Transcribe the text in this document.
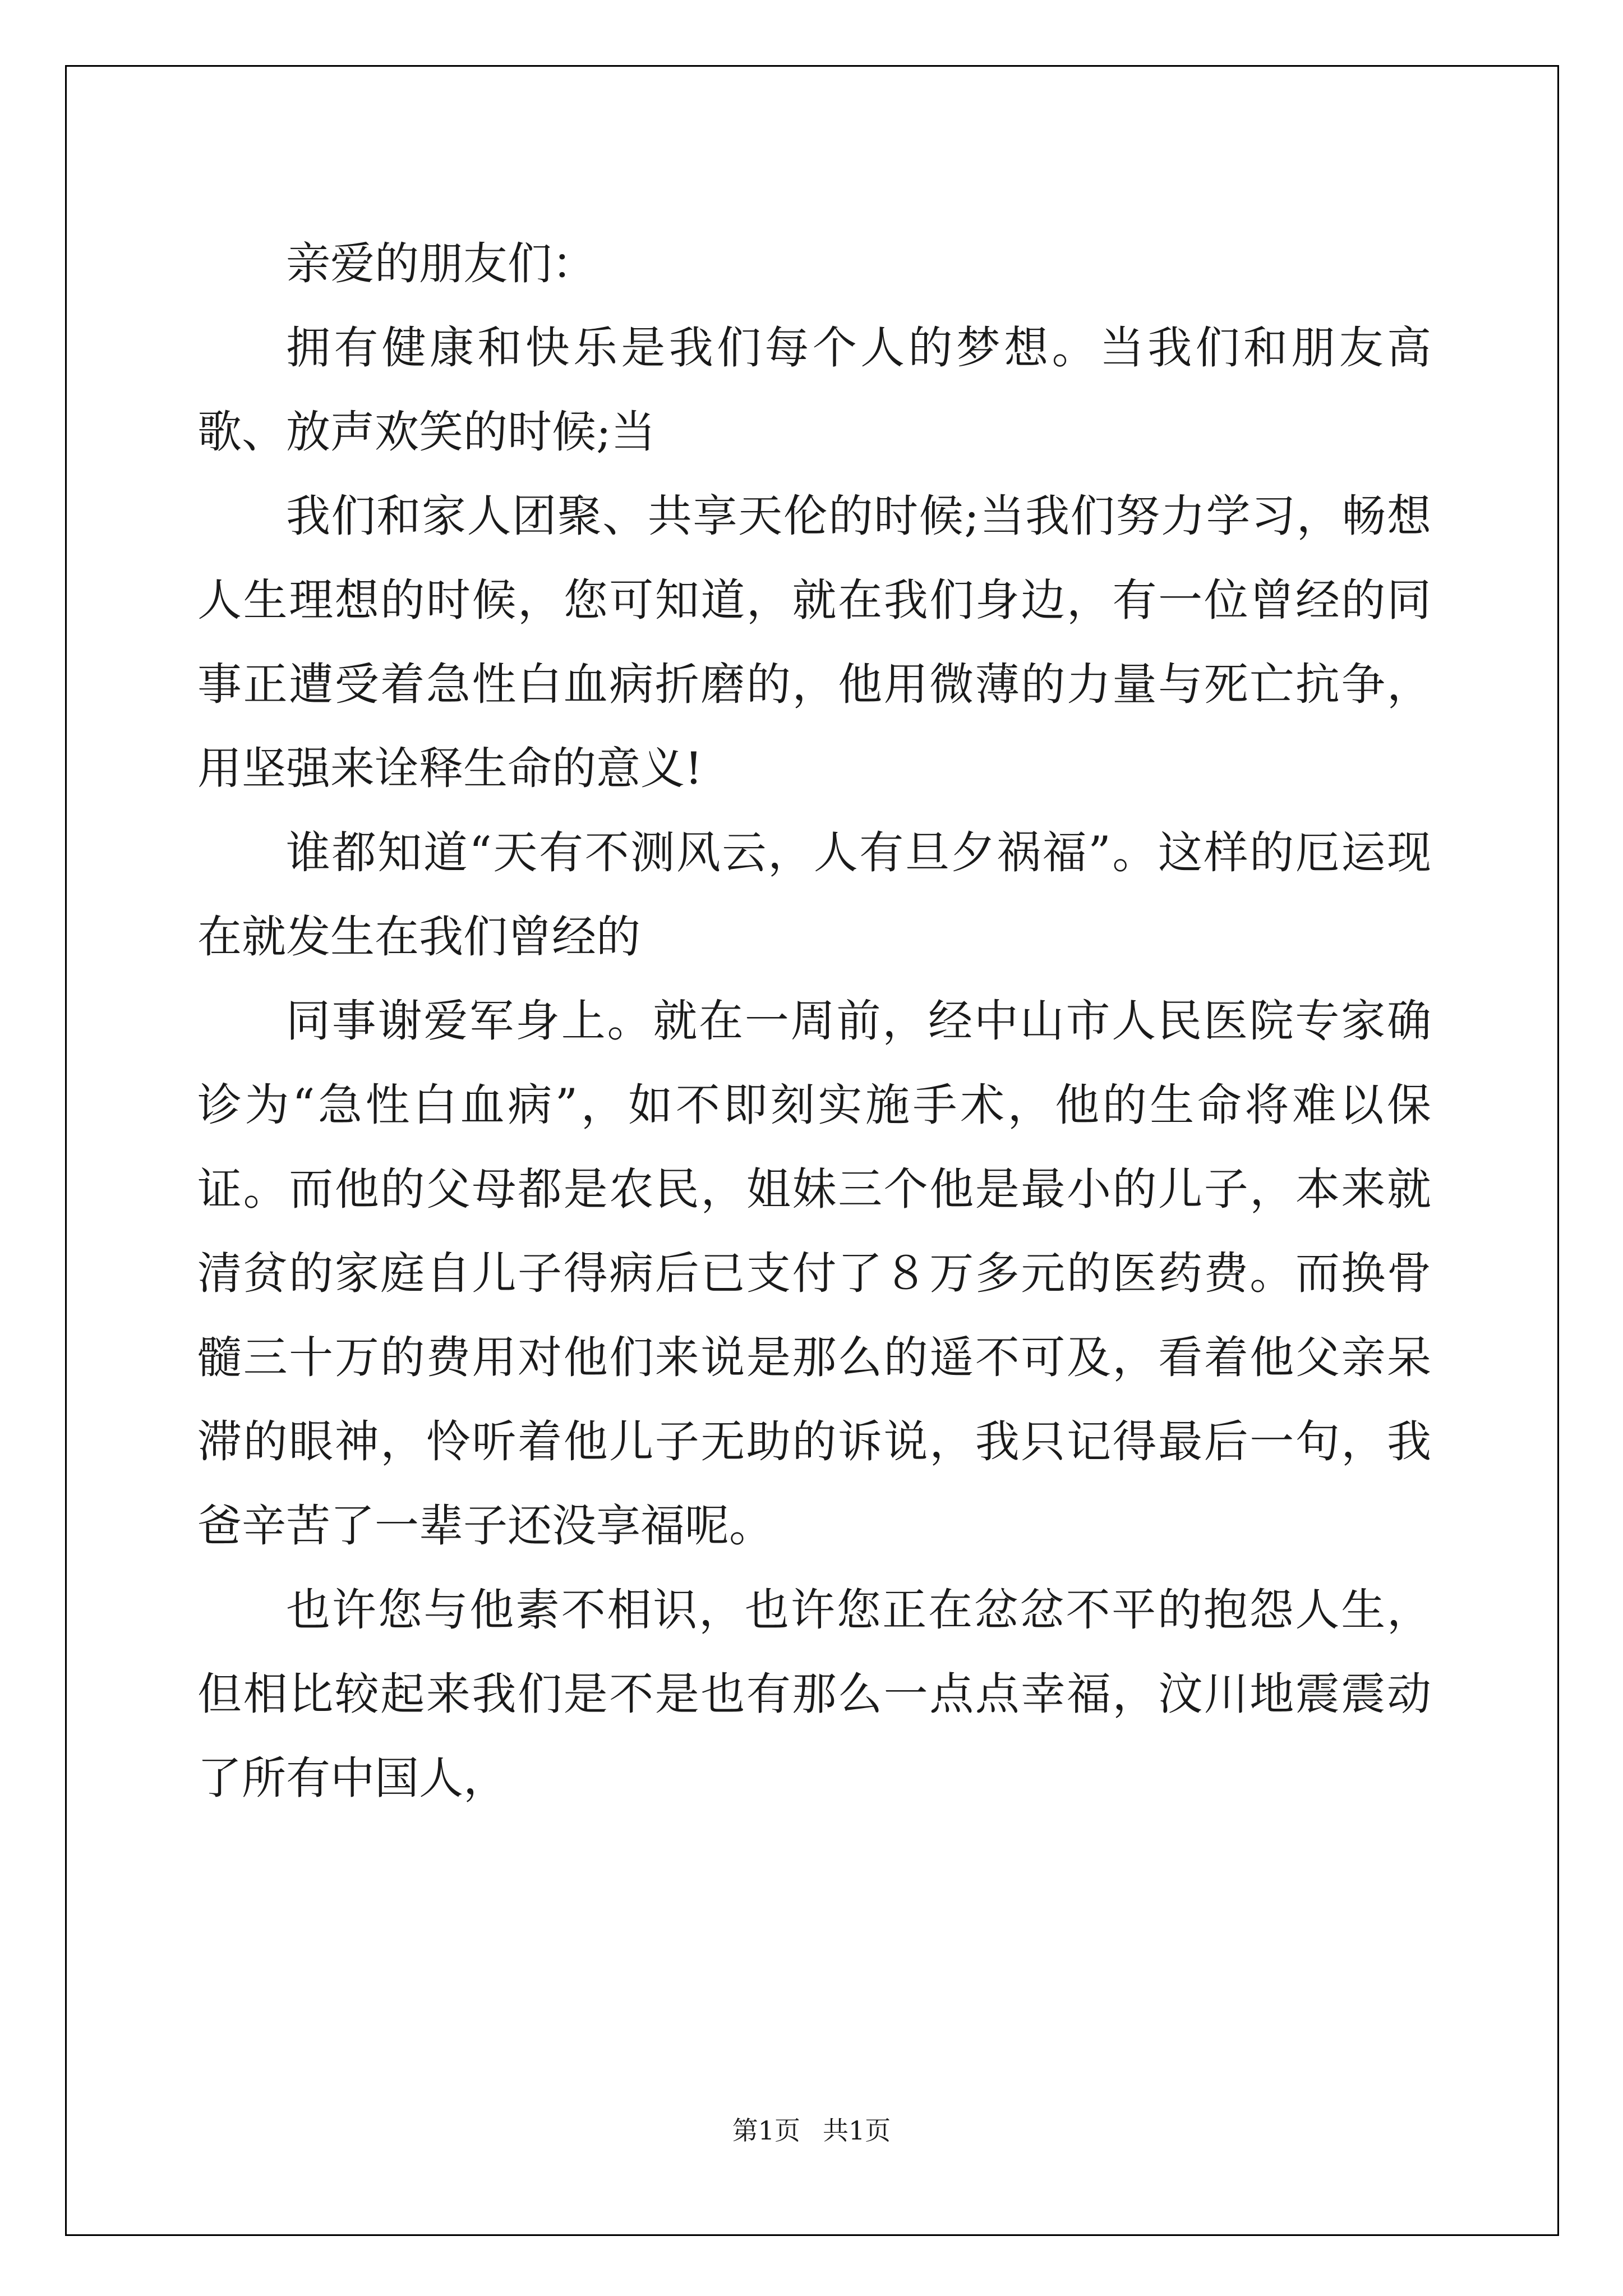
亲爱的朋友们：

拥有健康和快乐是我们每个人的梦想。当我们和朋友高歌、放声欢笑的时候;当

我们和家人团聚、共享天伦的时候;当我们努力学习，畅想人生理想的时候，您可知道，就在我们身边，有一位曾经的同事正遭受着急性白血病折磨的，他用微薄的力量与死亡抗争，用坚强来诠释生命的意义!

谁都知道“天有不测风云，人有旦夕祸福”。这样的厄运现在就发生在我们曾经的

同事谢爱军身上。就在一周前，经中山市人民医院专家确诊为“急性白血病”，如不即刻实施手术，他的生命将难以保证。而他的父母都是农民，姐妹三个他是最小的儿子，本来就清贫的家庭自儿子得病后已支付了８万多元的医药费。而换骨髓三十万的费用对他们来说是那么的遥不可及，看着他父亲呆滞的眼神，怜听着他儿子无助的诉说，我只记得最后一句，我爸辛苦了一辈子还没享福呢。

也许您与他素不相识，也许您正在忿忿不平的抱怨人生，但相比较起来我们是不是也有那么一点点幸福，汶川地震震动了所有中国人，

第1页 共1页
